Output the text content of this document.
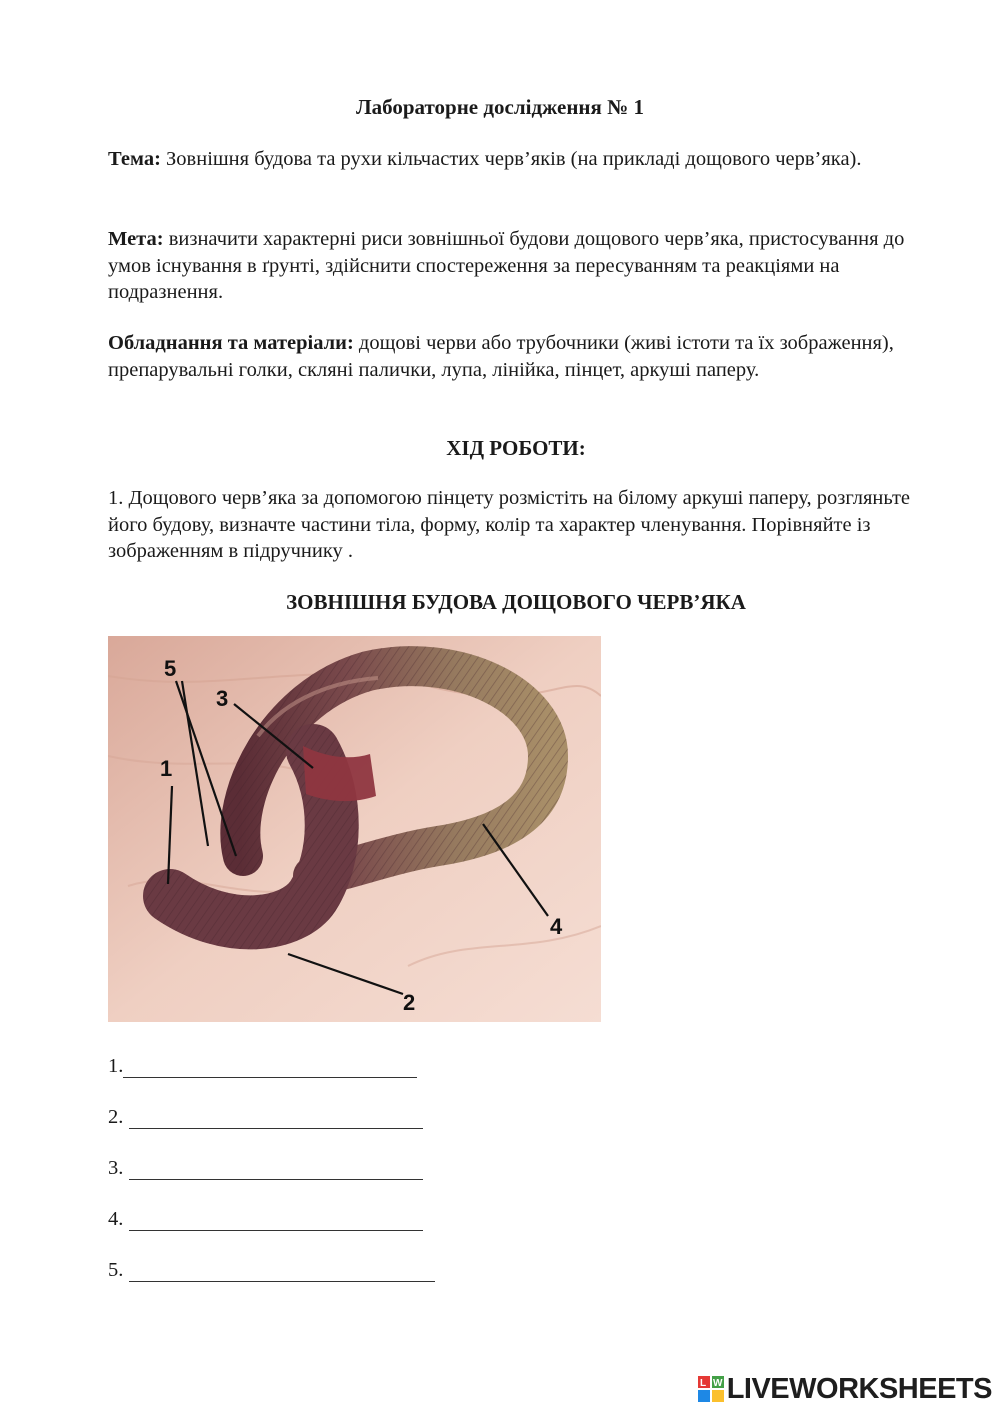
Лабораторне дослідження № 1
Тема: Зовнішня будова та рухи кільчастих черв’яків (на прикладі дощового черв’яка).
Мета: визначити характерні риси зовнішньої будови дощового черв’яка, пристосування до умов існування в ґрунті, здійснити спостереження за пересуванням та реакціями на подразнення.
Обладнання та матеріали: дощові черви або трубочники (живі істоти та їх зображення), препарувальні голки, скляні палички, лупа, лінійка, пінцет, аркуші паперу.
ХІД РОБОТИ:
1. Дощового черв’яка за допомогою пінцету розмістіть на білому аркуші паперу, розгляньте його будову, визначте частини тіла, форму, колір та характер членування. Порівняйте із зображенням в підручнику .
ЗОВНІШНЯ БУДОВА ДОЩОВОГО ЧЕРВ’ЯКА
1
2
3
4
5
1.
2.
3.
4.
5.
L W LIVEWORKSHEETS
